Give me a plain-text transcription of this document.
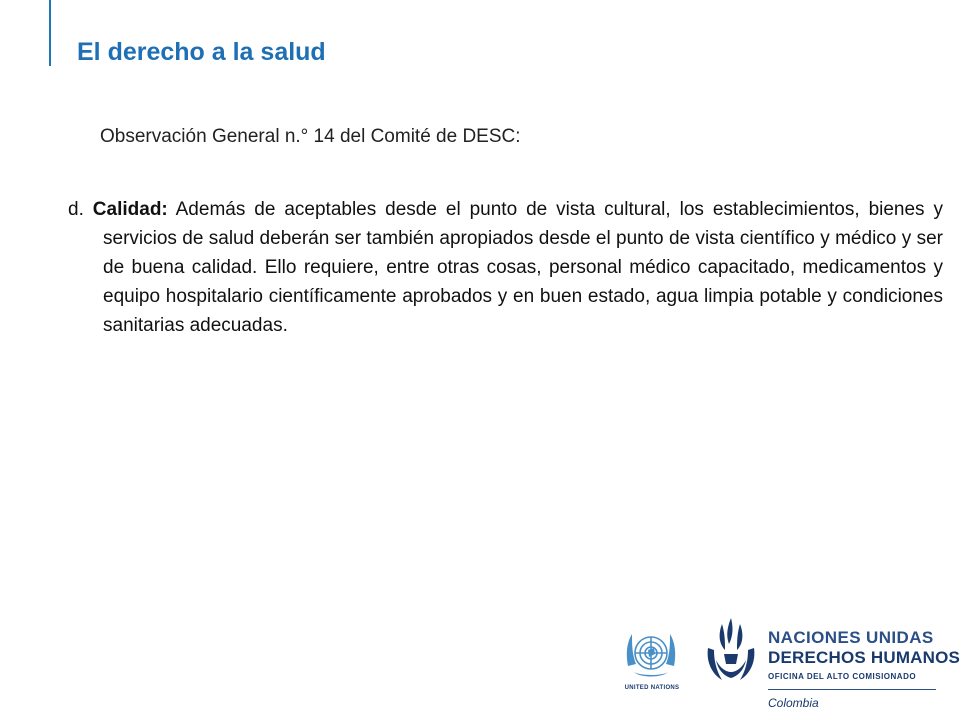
El derecho a la salud

Observación General n.° 14 del Comité de DESC:

d. Calidad: Además de aceptables desde el punto de vista cultural, los establecimientos, bienes y servicios de salud deberán ser también apropiados desde el punto de vista científico y médico y ser de buena calidad. Ello requiere, entre otras cosas, personal médico capacitado, medicamentos y equipo hospitalario científicamente aprobados y en buen estado, agua limpia potable y condiciones sanitarias adecuadas.

UNITED NATIONS
NACIONES UNIDAS
DERECHOS HUMANOS
OFICINA DEL ALTO COMISIONADO
Colombia
